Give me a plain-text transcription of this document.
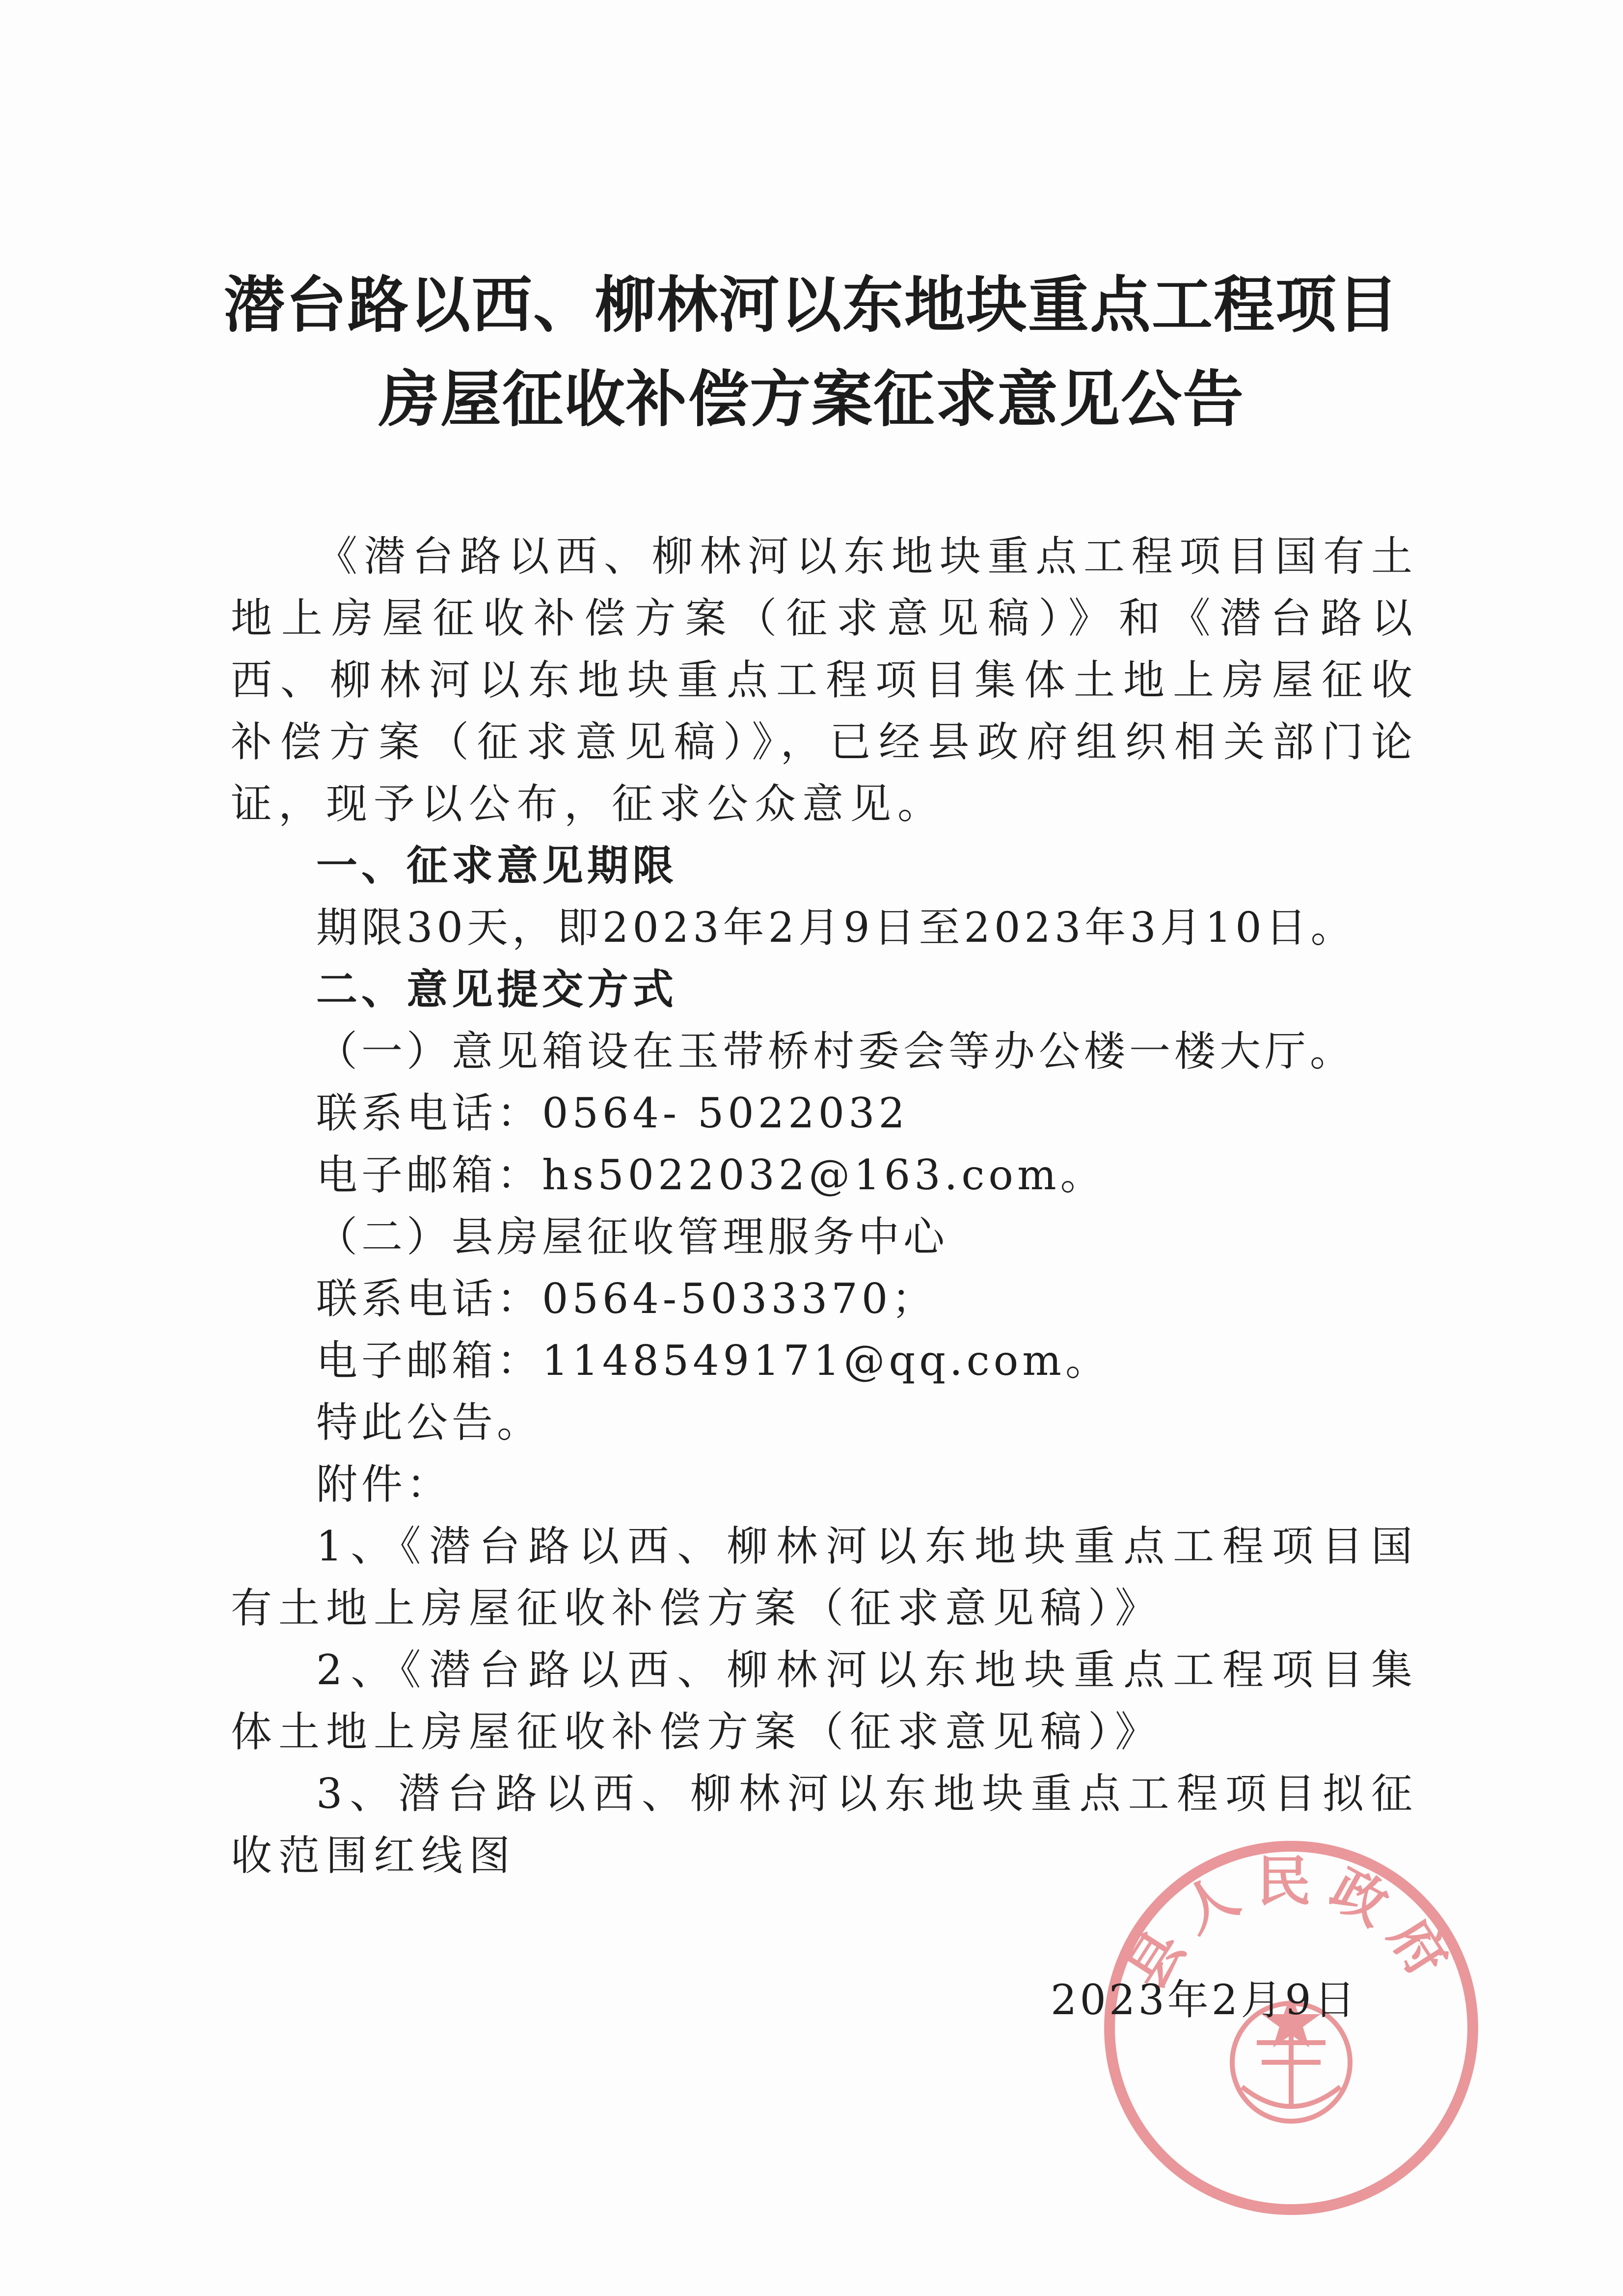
潜台路以西、柳林河以东地块重点工程项目
房屋征收补偿方案征求意见公告

《潜台路以西、柳林河以东地块重点工程项目国有土地上房屋征收补偿方案（征求意见稿）》和《潜台路以西、柳林河以东地块重点工程项目集体土地上房屋征收补偿方案（征求意见稿）》，已经县政府组织相关部门论证，现予以公布，征求公众意见。

一、征求意见期限

期限30天，即2023年2月9日至2023年3月10日。

二、意见提交方式

（一）意见箱设在玉带桥村委会等办公楼一楼大厅。

联系电话：0564- 5022032

电子邮箱：hs5022032@163.com。

（二）县房屋征收管理服务中心

联系电话：0564-5033370；

电子邮箱：1148549171@qq.com。

特此公告。

附件：

1、《潜台路以西、柳林河以东地块重点工程项目国有土地上房屋征收补偿方案（征求意见稿）》

2、《潜台路以西、柳林河以东地块重点工程项目集体土地上房屋征收补偿方案（征求意见稿）》

3、潜台路以西、柳林河以东地块重点工程项目拟征收范围红线图

县人民政府
2023年2月9日
